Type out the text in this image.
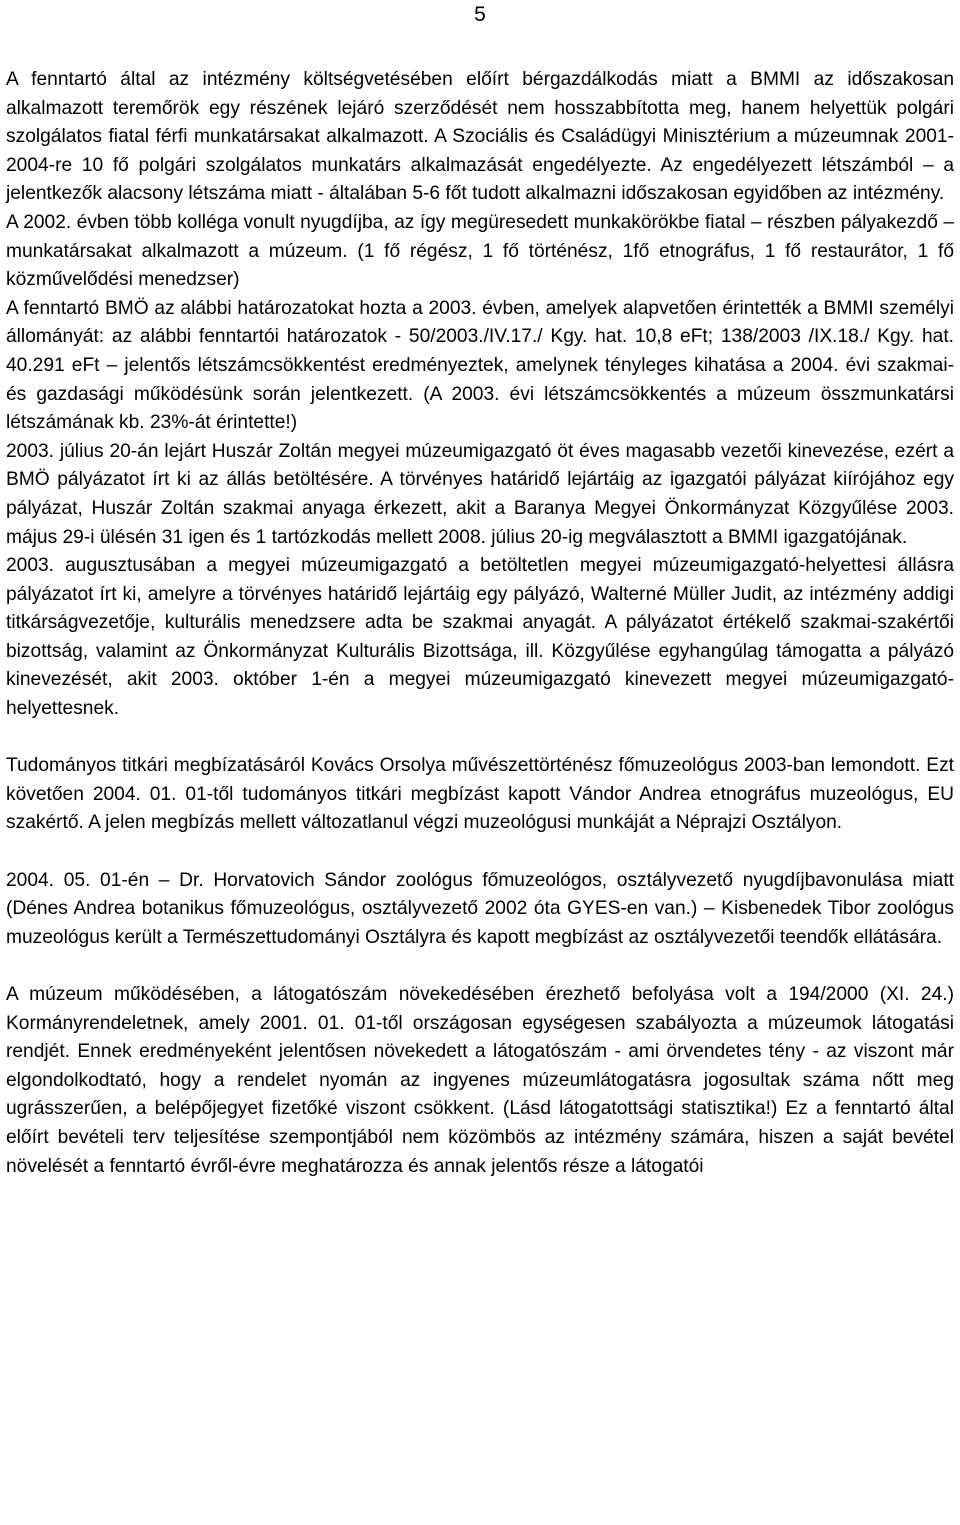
5

A fenntartó által az intézmény költségvetésében előírt bérgazdálkodás miatt a BMMI az időszakosan alkalmazott teremőrök egy részének lejáró szerződését nem hosszabbította meg, hanem helyettük polgári szolgálatos fiatal férfi munkatársakat alkalmazott. A Szociális és Családügyi Minisztérium a múzeumnak 2001-2004-re 10 fő polgári szolgálatos munkatárs alkalmazását engedélyezte. Az engedélyezett létszámból – a jelentkezők alacsony létszáma miatt - általában 5-6 főt tudott alkalmazni időszakosan egyidőben az intézmény.

A 2002. évben több kolléga vonult nyugdíjba, az így megüresedett munkakörökbe fiatal – részben pályakezdő – munkatársakat alkalmazott a múzeum. (1 fő régész, 1 fő történész, 1fő etnográfus, 1 fő restaurátor, 1 fő közművelődési menedzser)

A fenntartó BMÖ az alábbi határozatokat hozta a 2003. évben, amelyek alapvetően érintették a BMMI személyi állományát: az alábbi fenntartói határozatok - 50/2003./IV.17./ Kgy. hat. 10,8 eFt; 138/2003 /IX.18./ Kgy. hat. 40.291 eFt – jelentős létszámcsökkentést eredményeztek, amelynek tényleges kihatása a 2004. évi szakmai- és gazdasági működésünk során jelentkezett. (A 2003. évi létszámcsökkentés a múzeum összmunkatársi létszámának kb. 23%-át érintette!)

2003. július 20-án lejárt Huszár Zoltán megyei múzeumigazgató öt éves magasabb vezetői kinevezése, ezért a BMÖ pályázatot írt ki az állás betöltésére. A törvényes határidő lejártáig az igazgatói pályázat kiírójához egy pályázat, Huszár Zoltán szakmai anyaga érkezett, akit a Baranya Megyei Önkormányzat Közgyűlése 2003. május 29-i ülésén 31 igen és 1 tartózkodás mellett 2008. július 20-ig megválasztott a BMMI igazgatójának.

2003. augusztusában a megyei múzeumigazgató a betöltetlen megyei múzeumigazgató-helyettesi állásra pályázatot írt ki, amelyre a törvényes határidő lejártáig egy pályázó, Walterné Müller Judit, az intézmény addigi titkárságvezetője, kulturális menedzsere adta be szakmai anyagát. A pályázatot értékelő szakmai-szakértői bizottság, valamint az Önkormányzat Kulturális Bizottsága, ill. Közgyűlése egyhangúlag támogatta a pályázó kinevezését, akit 2003. október 1-én a megyei múzeumigazgató kinevezett megyei múzeumigazgató-helyettesnek.

Tudományos titkári megbízatásáról Kovács Orsolya művészettörténész főmuzeológus 2003-ban lemondott. Ezt követően 2004. 01. 01-től tudományos titkári megbízást kapott Vándor Andrea etnográfus muzeológus, EU szakértő. A jelen megbízás mellett változatlanul végzi muzeológusi munkáját a Néprajzi Osztályon.

2004. 05. 01-én – Dr. Horvatovich Sándor zoológus főmuzeológos, osztályvezető nyugdíjbavonulása miatt (Dénes Andrea botanikus főmuzeológus, osztályvezető 2002 óta GYES-en van.) – Kisbenedek Tibor zoológus muzeológus került a Természettudományi Osztályra és kapott megbízást az osztályvezetői teendők ellátására.

A múzeum működésében, a látogatószám növekedésében érezhető befolyása volt a 194/2000 (XI. 24.) Kormányrendeletnek, amely 2001. 01. 01-től országosan egységesen szabályozta a múzeumok látogatási rendjét. Ennek eredményeként jelentősen növekedett a látogatószám - ami örvendetes tény - az viszont már elgondolkodtató, hogy a rendelet nyomán az ingyenes múzeumlátogatásra jogosultak száma nőtt meg ugrásszerűen, a belépőjegyet fizetőké viszont csökkent. (Lásd látogatottsági statisztika!) Ez a fenntartó által előírt bevételi terv teljesítése szempontjából nem közömbös az intézmény számára, hiszen a saját bevétel növelését a fenntartó évről-évre meghatározza és annak jelentős része a látogatói
